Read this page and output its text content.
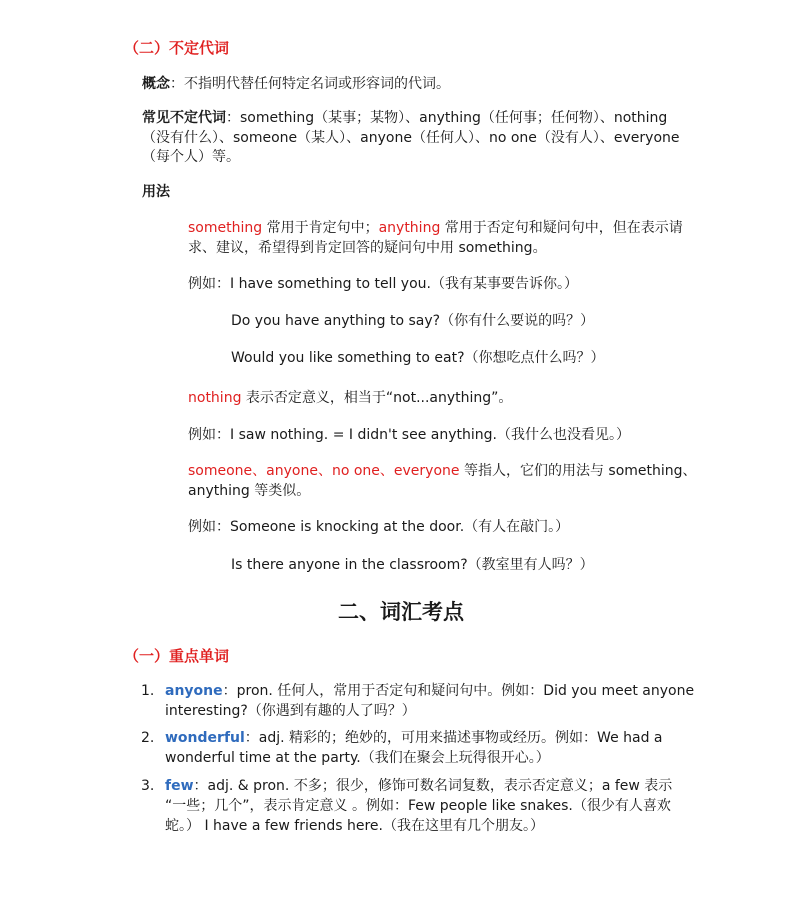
（二）不定代词
概念：不指明代替任何特定名词或形容词的代词。
常见不定代词：something（某事；某物）、anything（任何事；任何物）、nothing
（没有什么）、someone（某人）、anyone（任何人）、no one（没有人）、everyone
（每个人）等。
用法
something 常用于肯定句中；anything 常用于否定句和疑问句中，但在表示请
求、建议，希望得到肯定回答的疑问句中用 something。
例如：I have something to tell you.（我有某事要告诉你。）
Do you have anything to say?（你有什么要说的吗？）
Would you like something to eat?（你想吃点什么吗？）
nothing 表示否定意义，相当于“not...anything”。
例如：I saw nothing. = I didn't see anything.（我什么也没看见。）
someone、anyone、no one、everyone 等指人，它们的用法与 something、
anything 等类似。
例如：Someone is knocking at the door.（有人在敲门。）
Is there anyone in the classroom?（教室里有人吗？）
二、词汇考点
（一）重点单词
1. anyone：pron. 任何人，常用于否定句和疑问句中。例如：Did you meet anyone
interesting?（你遇到有趣的人了吗？）
2. wonderful：adj. 精彩的；绝妙的，可用来描述事物或经历。例如：We had a
wonderful time at the party.（我们在聚会上玩得很开心。）
3. few：adj. & pron. 不多；很少，修饰可数名词复数，表示否定意义；a few 表示
“一些；几个”，表示肯定意义 。例如：Few people like snakes.（很少有人喜欢
蛇。） I have a few friends here.（我在这里有几个朋友。）
